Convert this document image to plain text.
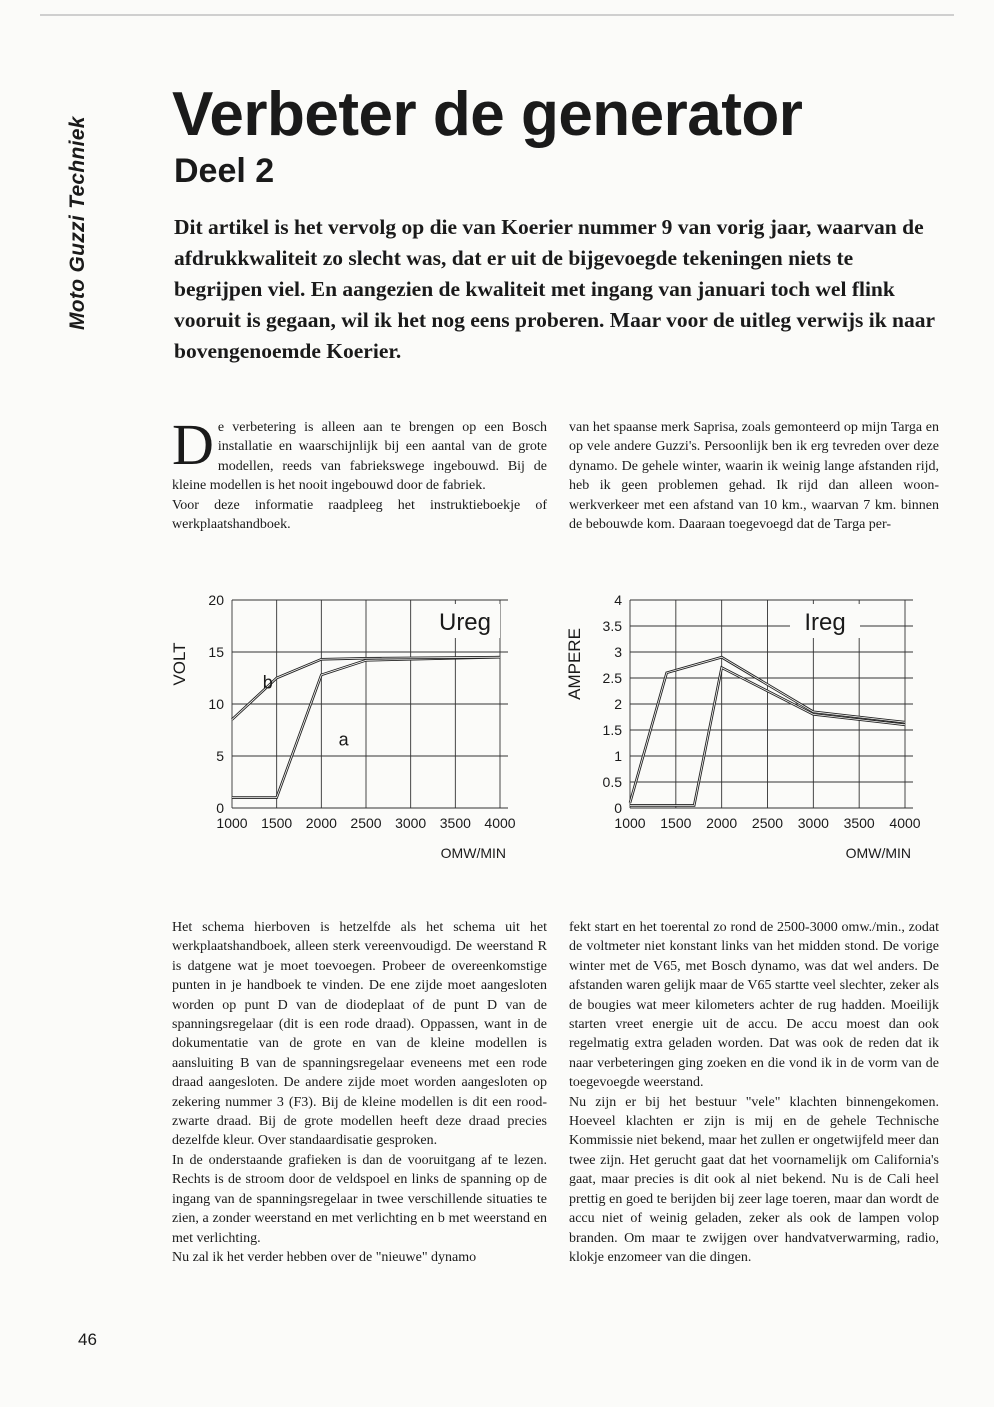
Moto Guzzi Techniek
Verbeter de generator
Deel 2
Dit artikel is het vervolg op die van Koerier nummer 9 van vorig jaar, waarvan de afdrukkwaliteit zo slecht was, dat er uit de bijgevoegde tekeningen niets te begrijpen viel. En aangezien de kwaliteit met ingang van januari toch wel flink vooruit is gegaan, wil ik het nog eens proberen. Maar voor de uitleg verwijs ik naar bovengenoemde Koerier.
D e verbetering is alleen aan te brengen op een Bosch installatie en waarschijnlijk bij een aantal van de grote modellen, reeds van fabriekswege ingebouwd. Bij de kleine modellen is het nooit ingebouwd door de fabriek.

Voor deze informatie raadpleeg het instruktieboekje of werkplaatshandboek.

van het spaanse merk Saprisa, zoals gemonteerd op mijn Targa en op vele andere Guzzi's. Persoonlijk ben ik erg tevreden over deze dynamo. De gehele winter, waarin ik weinig lange afstanden rijd, heb ik geen problemen gehad. Ik rijd dan alleen woon-werkverkeer met een afstand van 10 km., waarvan 7 km. binnen de bebouwde kom. Daaraan toegevoegd dat de Targa per-

1000 1500 2000 2500 3000 3500 4000
0
5
10
15
20
VOLT
OMW/MIN
Ureg
a
b
1000 1500 2000 2500 3000 3500 4000
0
0.5
1
1.5
2
2.5
3
3.5
4
AMPERE
OMW/MIN
Ireg

Het schema hierboven is hetzelfde als het schema uit het werkplaatshandboek, alleen sterk vereenvoudigd. De weerstand R is datgene wat je moet toevoegen. Probeer de overeenkomstige punten in je handboek te vinden. De ene zijde moet aangesloten worden op punt D van de diodeplaat of de punt D van de spanningsregelaar (dit is een rode draad). Oppassen, want in de dokumentatie van de grote en van de kleine modellen is aansluiting B van de spanningsregelaar eveneens met een rode draad aangesloten. De andere zijde moet worden aangesloten op zekering nummer 3 (F3). Bij de kleine modellen is dit een rood-zwarte draad. Bij de grote modellen heeft deze draad precies dezelfde kleur. Over standaardisatie gesproken.

In de onderstaande grafieken is dan de vooruitgang af te lezen. Rechts is de stroom door de veldspoel en links de spanning op de ingang van de spanningsregelaar in twee verschillende situaties te zien, a zonder weerstand en met verlichting en b met weerstand en met verlichting.

Nu zal ik het verder hebben over de "nieuwe" dynamo

fekt start en het toerental zo rond de 2500-3000 omw./min., zodat de voltmeter niet konstant links van het midden stond. De vorige winter met de V65, met Bosch dynamo, was dat wel anders. De afstanden waren gelijk maar de V65 startte veel slechter, zeker als de bougies wat meer kilometers achter de rug hadden. Moeilijk starten vreet energie uit de accu. De accu moest dan ook regelmatig extra geladen worden. Dat was ook de reden dat ik naar verbeteringen ging zoeken en die vond ik in de vorm van de toegevoegde weerstand.

Nu zijn er bij het bestuur "vele" klachten binnengekomen. Hoeveel klachten er zijn is mij en de gehele Technische Kommissie niet bekend, maar het zullen er ongetwijfeld meer dan twee zijn. Het gerucht gaat dat het voornamelijk om California's gaat, maar precies is dit ook al niet bekend. Nu is de Cali heel prettig en goed te berijden bij zeer lage toeren, maar dan wordt de accu niet of weinig geladen, zeker als ook de lampen volop branden. Om maar te zwijgen over handvatverwarming, radio, klokje enzomeer van die dingen.

46
